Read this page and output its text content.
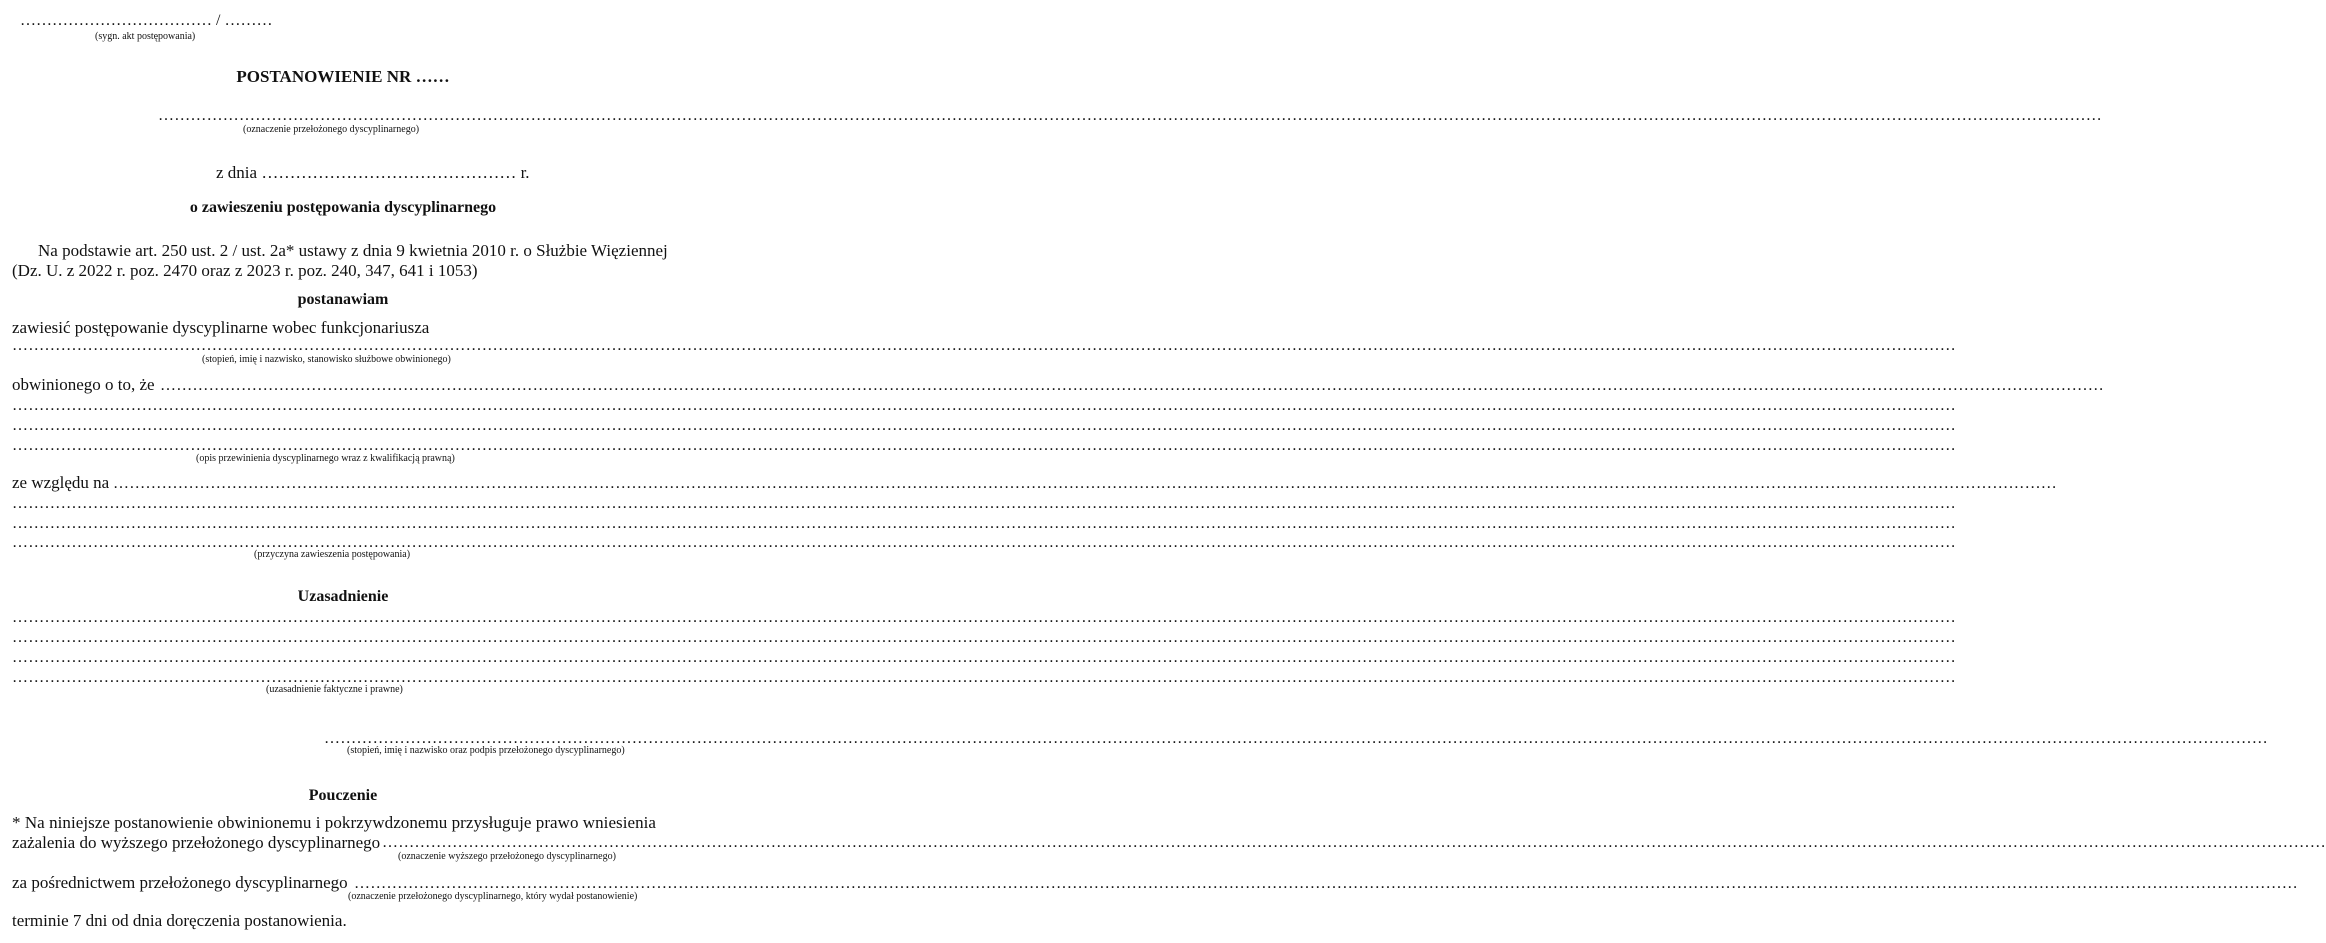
……………………………… / ………
(sygn. akt postępowania)
POSTANOWIENIE NR ……
………………………………………………………………………………………………………………………………………………………………………………………………………………………………………………………………………………………………………………………………
(oznaczenie przełożonego dyscyplinarnego)
z dnia ……………………………………… r.
o zawieszeniu postępowania dyscyplinarnego
Na podstawie art. 250 ust. 2 / ust. 2a* ustawy z dnia 9 kwietnia 2010 r. o Służbie Więziennej
(Dz. U. z 2022 r. poz. 2470 oraz z 2023 r. poz. 240, 347, 641 i 1053)
postanawiam
zawiesić postępowanie dyscyplinarne wobec funkcjonariusza
………………………………………………………………………………………………………………………………………………………………………………………………………………………………………………………………………………………………………………………………
(stopień, imię i nazwisko, stanowisko służbowe obwinionego)
obwinionego o to, że ………………………………………………………………………………………………………………………………………………………………………………………………………………………………………………………………………………………………………………………………
………………………………………………………………………………………………………………………………………………………………………………………………………………………………………………………………………………………………………………………………
………………………………………………………………………………………………………………………………………………………………………………………………………………………………………………………………………………………………………………………………
………………………………………………………………………………………………………………………………………………………………………………………………………………………………………………………………………………………………………………………………
(opis przewinienia dyscyplinarnego wraz z kwalifikacją prawną)
ze względu na ………………………………………………………………………………………………………………………………………………………………………………………………………………………………………………………………………………………………………………………………
………………………………………………………………………………………………………………………………………………………………………………………………………………………………………………………………………………………………………………………………
………………………………………………………………………………………………………………………………………………………………………………………………………………………………………………………………………………………………………………………………
………………………………………………………………………………………………………………………………………………………………………………………………………………………………………………………………………………………………………………………………
(przyczyna zawieszenia postępowania)
Uzasadnienie
………………………………………………………………………………………………………………………………………………………………………………………………………………………………………………………………………………………………………………………………
………………………………………………………………………………………………………………………………………………………………………………………………………………………………………………………………………………………………………………………………
………………………………………………………………………………………………………………………………………………………………………………………………………………………………………………………………………………………………………………………………
………………………………………………………………………………………………………………………………………………………………………………………………………………………………………………………………………………………………………………………………
(uzasadnienie faktyczne i prawne)
………………………………………………………………………………………………………………………………………………………………………………………………………………………………………………………………………………………………………………………………
(stopień, imię i nazwisko oraz podpis przełożonego dyscyplinarnego)
Pouczenie
* Na niniejsze postanowienie obwinionemu i pokrzywdzonemu przysługuje prawo wniesienia
zażalenia do wyższego przełożonego dyscyplinarnego ………………………………………………………………………………………………………………………………………………………………………………………………………………………………………………………………………………………………………………………………
(oznaczenie wyższego przełożonego dyscyplinarnego)
za pośrednictwem przełożonego dyscyplinarnego ………………………………………………………………………………………………………………………………………………………………………………………………………………………………………………………………………………………………………………………………
(oznaczenie przełożonego dyscyplinarnego, który wydał postanowienie)
terminie 7 dni od dnia doręczenia postanowienia.
